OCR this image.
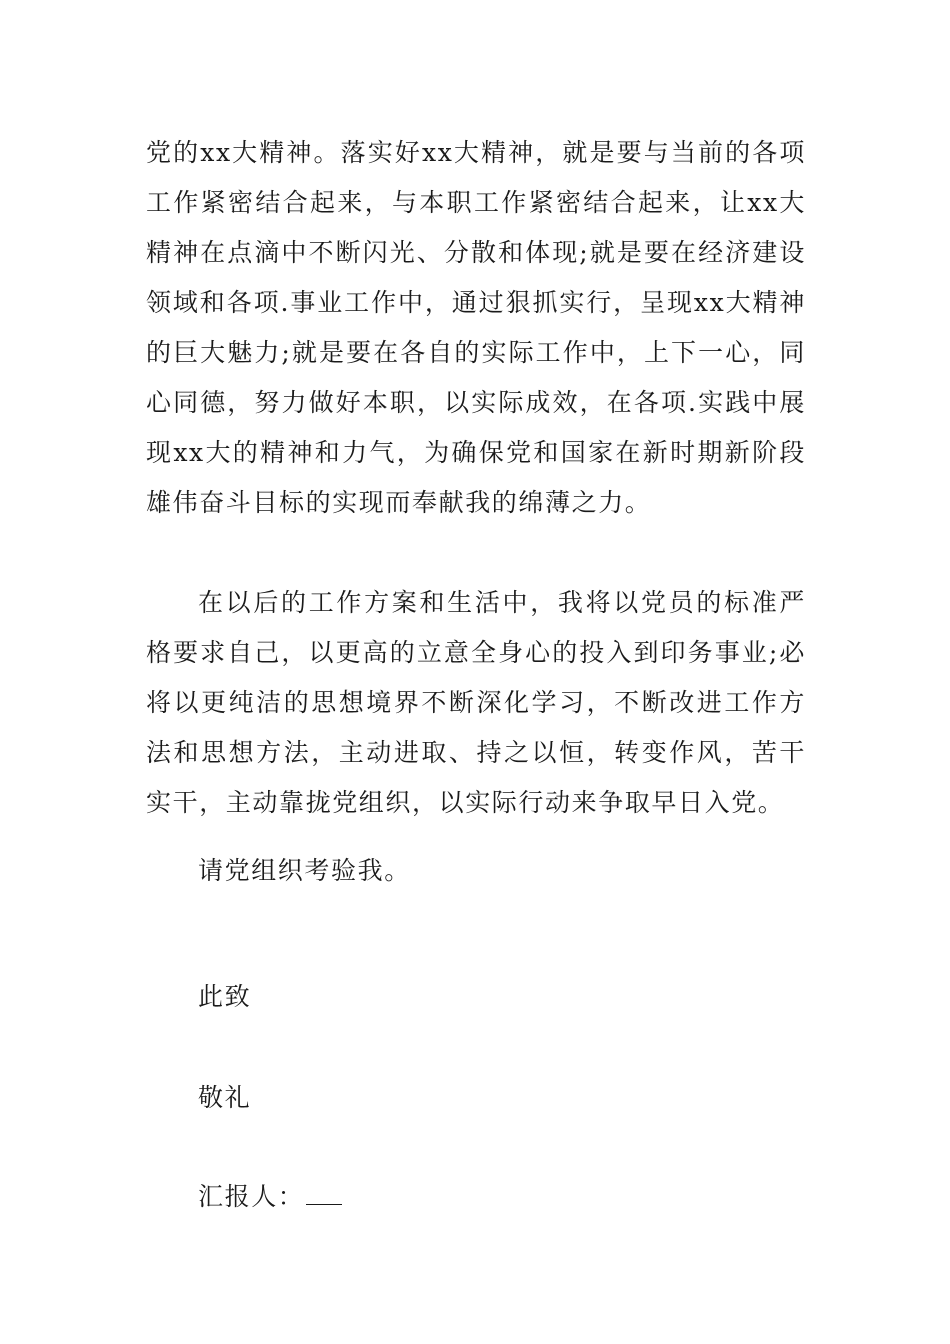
党的xx大精神。落实好xx大精神，就是要与当前的各项工作紧密结合起来，与本职工作紧密结合起来，让xx大精神在点滴中不断闪光、分散和体现;就是要在经济建设领域和各项.事业工作中，通过狠抓实行，呈现xx大精神的巨大魅力;就是要在各自的实际工作中，上下一心，同心同德，努力做好本职，以实际成效，在各项.实践中展现xx大的精神和力气，为确保党和国家在新时期新阶段雄伟奋斗目标的实现而奉献我的绵薄之力。

在以后的工作方案和生活中，我将以党员的标准严格要求自己，以更高的立意全身心的投入到印务事业;必将以更纯洁的思想境界不断深化学习，不断改进工作方法和思想方法，主动进取、持之以恒，转变作风，苦干实干，主动靠拢党组织，以实际行动来争取早日入党。

请党组织考验我。

此致

敬礼

汇报人：
